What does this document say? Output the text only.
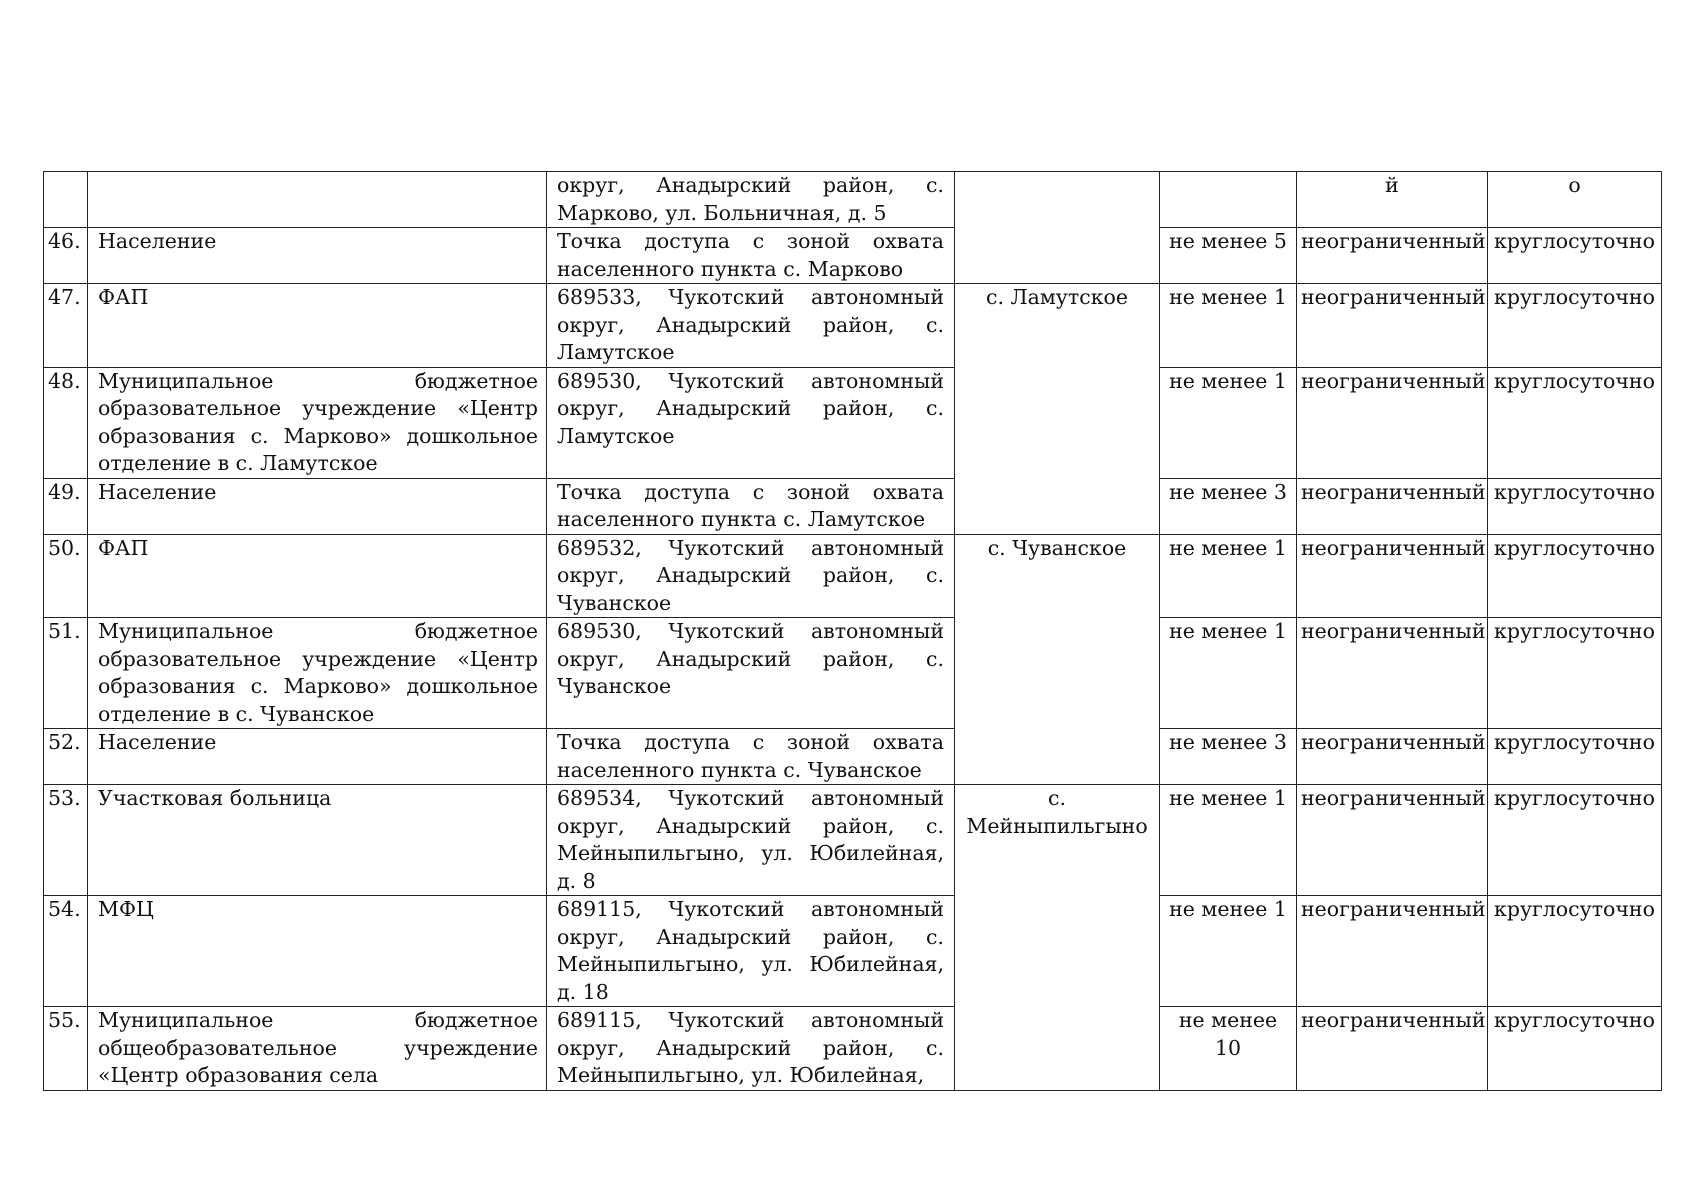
		округ, Анадырский район, с. Марково, ул. Больничная, д. 5			й	о
46.	Население	Точка доступа с зоной охвата населенного пункта с. Марково		не менее 5	неограниченный	круглосуточно
47.	ФАП	689533, Чукотский автономный округ, Анадырский район, с. Ламутское	с. Ламутское	не менее 1	неограниченный	круглосуточно
48.	Муниципальное бюджетное образовательное учреждение «Центр образования с. Марково» дошкольное отделение в с. Ламутское	689530, Чукотский автономный округ, Анадырский район, с. Ламутское		не менее 1	неограниченный	круглосуточно
49.	Население	Точка доступа с зоной охвата населенного пункта с. Ламутское		не менее 3	неограниченный	круглосуточно
50.	ФАП	689532, Чукотский автономный округ, Анадырский район, с. Чуванское	с. Чуванское	не менее 1	неограниченный	круглосуточно
51.	Муниципальное бюджетное образовательное учреждение «Центр образования с. Марково» дошкольное отделение в с. Чуванское	689530, Чукотский автономный округ, Анадырский район, с. Чуванское		не менее 1	неограниченный	круглосуточно
52.	Население	Точка доступа с зоной охвата населенного пункта с. Чуванское		не менее 3	неограниченный	круглосуточно
53.	Участковая больница	689534, Чукотский автономный округ, Анадырский район, с. Мейныпильгыно, ул. Юбилейная, д. 8	с. Мейныпильгыно	не менее 1	неограниченный	круглосуточно
54.	МФЦ	689115, Чукотский автономный округ, Анадырский район, с. Мейныпильгыно, ул. Юбилейная, д. 18		не менее 1	неограниченный	круглосуточно
55.	Муниципальное бюджетное общеобразовательное учреждение «Центр образования села	689115, Чукотский автономный округ, Анадырский район, с. Мейныпильгыно, ул. Юбилейная,		не менее 10	неограниченный	круглосуточно
